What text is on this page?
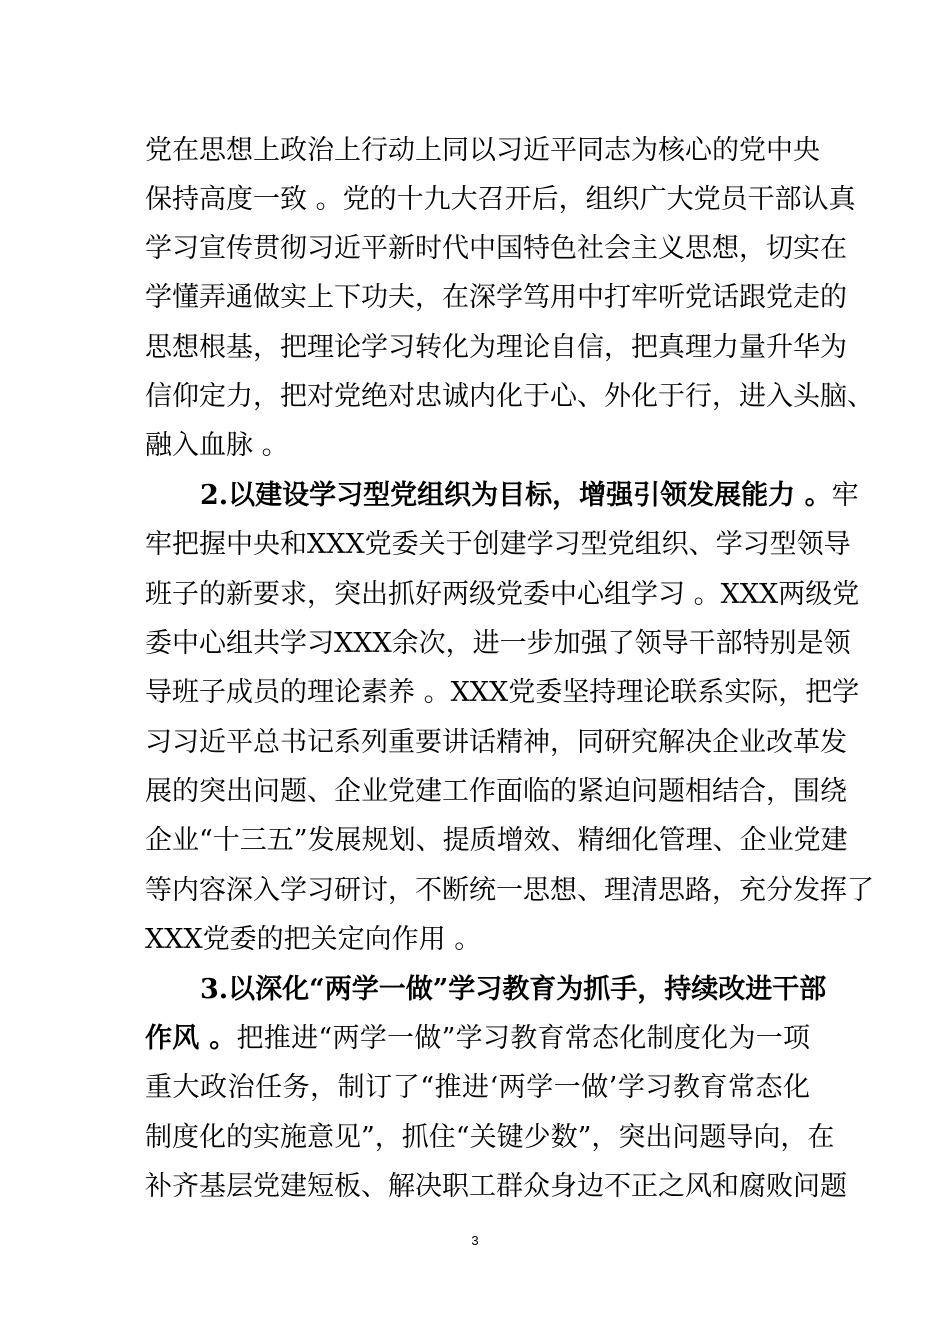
党在思想上政治上行动上同以习近平同志为核心的党中央
保持高度一致 。党的十九大召开后，组织广大党员干部认真
学习宣传贯彻习近平新时代中国特色社会主义思想，切实在
学懂弄通做实上下功夫，在深学笃用中打牢听党话跟党走的
思想根基，把理论学习转化为理论自信，把真理力量升华为
信仰定力，把对党绝对忠诚内化于心、外化于行，进入头脑、
融入血脉 。
2.以建设学习型党组织为目标，增强引领发展能力 。牢
牢把握中央和XXX党委关于创建学习型党组织、学习型领导
班子的新要求，突出抓好两级党委中心组学习 。XXX两级党
委中心组共学习XXX余次，进一步加强了领导干部特别是领
导班子成员的理论素养 。XXX党委坚持理论联系实际，把学
习习近平总书记系列重要讲话精神，同研究解决企业改革发
展的突出问题、企业党建工作面临的紧迫问题相结合，围绕
企业“十三五”发展规划、提质增效、精细化管理、企业党建
等内容深入学习研讨，不断统一思想、理清思路，充分发挥了
XXX党委的把关定向作用 。
3.以深化“两学一做”学习教育为抓手，持续改进干部
作风 。把推进“两学一做”学习教育常态化制度化为一项
重大政治任务，制订了“推进‘两学一做’学习教育常态化
制度化的实施意见”，抓住“关键少数”，突出问题导向，在
补齐基层党建短板、解决职工群众身边不正之风和腐败问题
3
